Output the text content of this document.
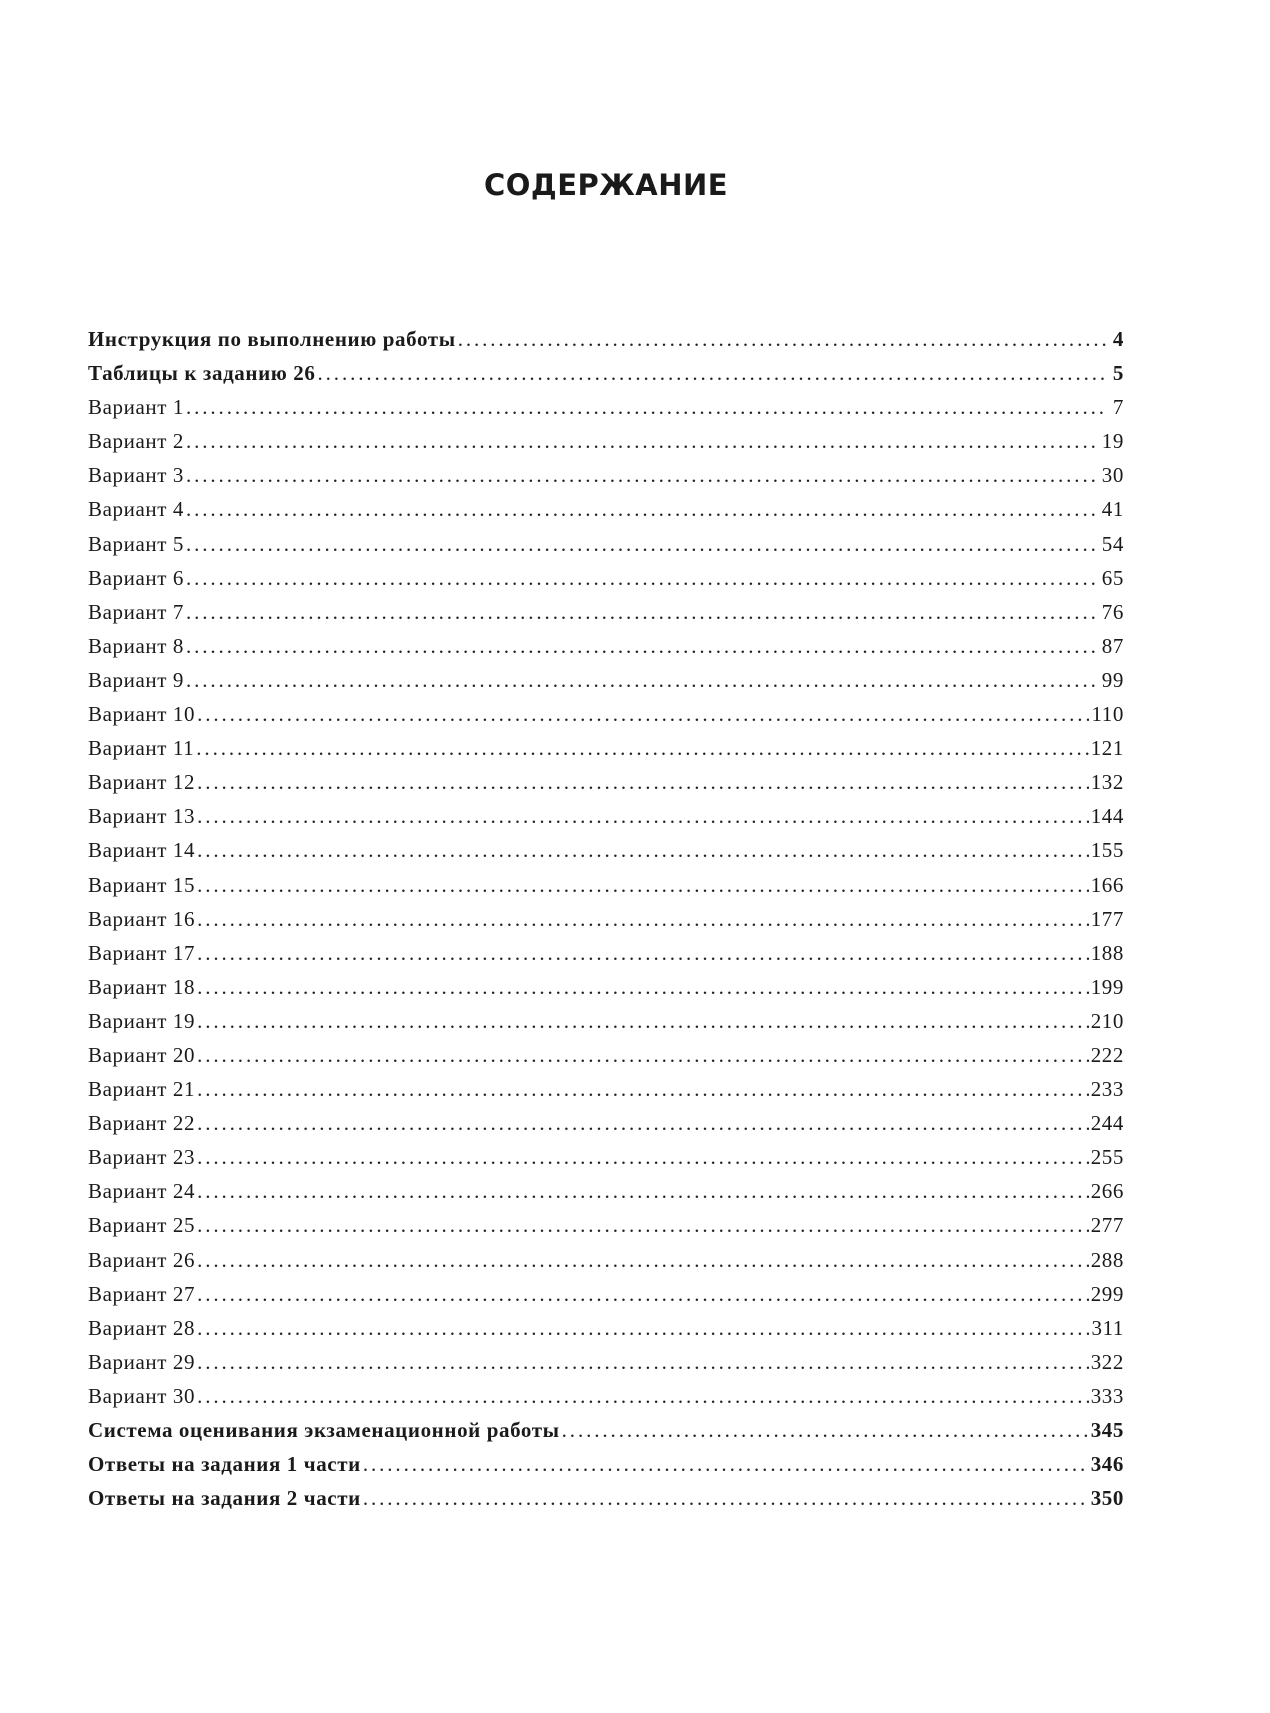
СОДЕРЖАНИЕ
Инструкция по выполнению работы .....	4
Таблицы к заданию 26 .....	5
Вариант 1 .....	7
Вариант 2 .....	19
Вариант 3 .....	30
Вариант 4 .....	41
Вариант 5 .....	54
Вариант 6 .....	65
Вариант 7 .....	76
Вариант 8 .....	87
Вариант 9 .....	99
Вариант 10 .....	110
Вариант 11 .....	121
Вариант 12 .....	132
Вариант 13 .....	144
Вариант 14 .....	155
Вариант 15 .....	166
Вариант 16 .....	177
Вариант 17 .....	188
Вариант 18 .....	199
Вариант 19 .....	210
Вариант 20 .....	222
Вариант 21 .....	233
Вариант 22 .....	244
Вариант 23 .....	255
Вариант 24 .....	266
Вариант 25 .....	277
Вариант 26 .....	288
Вариант 27 .....	299
Вариант 28 .....	311
Вариант 29 .....	322
Вариант 30 .....	333
Система оценивания экзаменационной работы .....	345
Ответы на задания 1 части .....	346
Ответы на задания 2 части .....	350
